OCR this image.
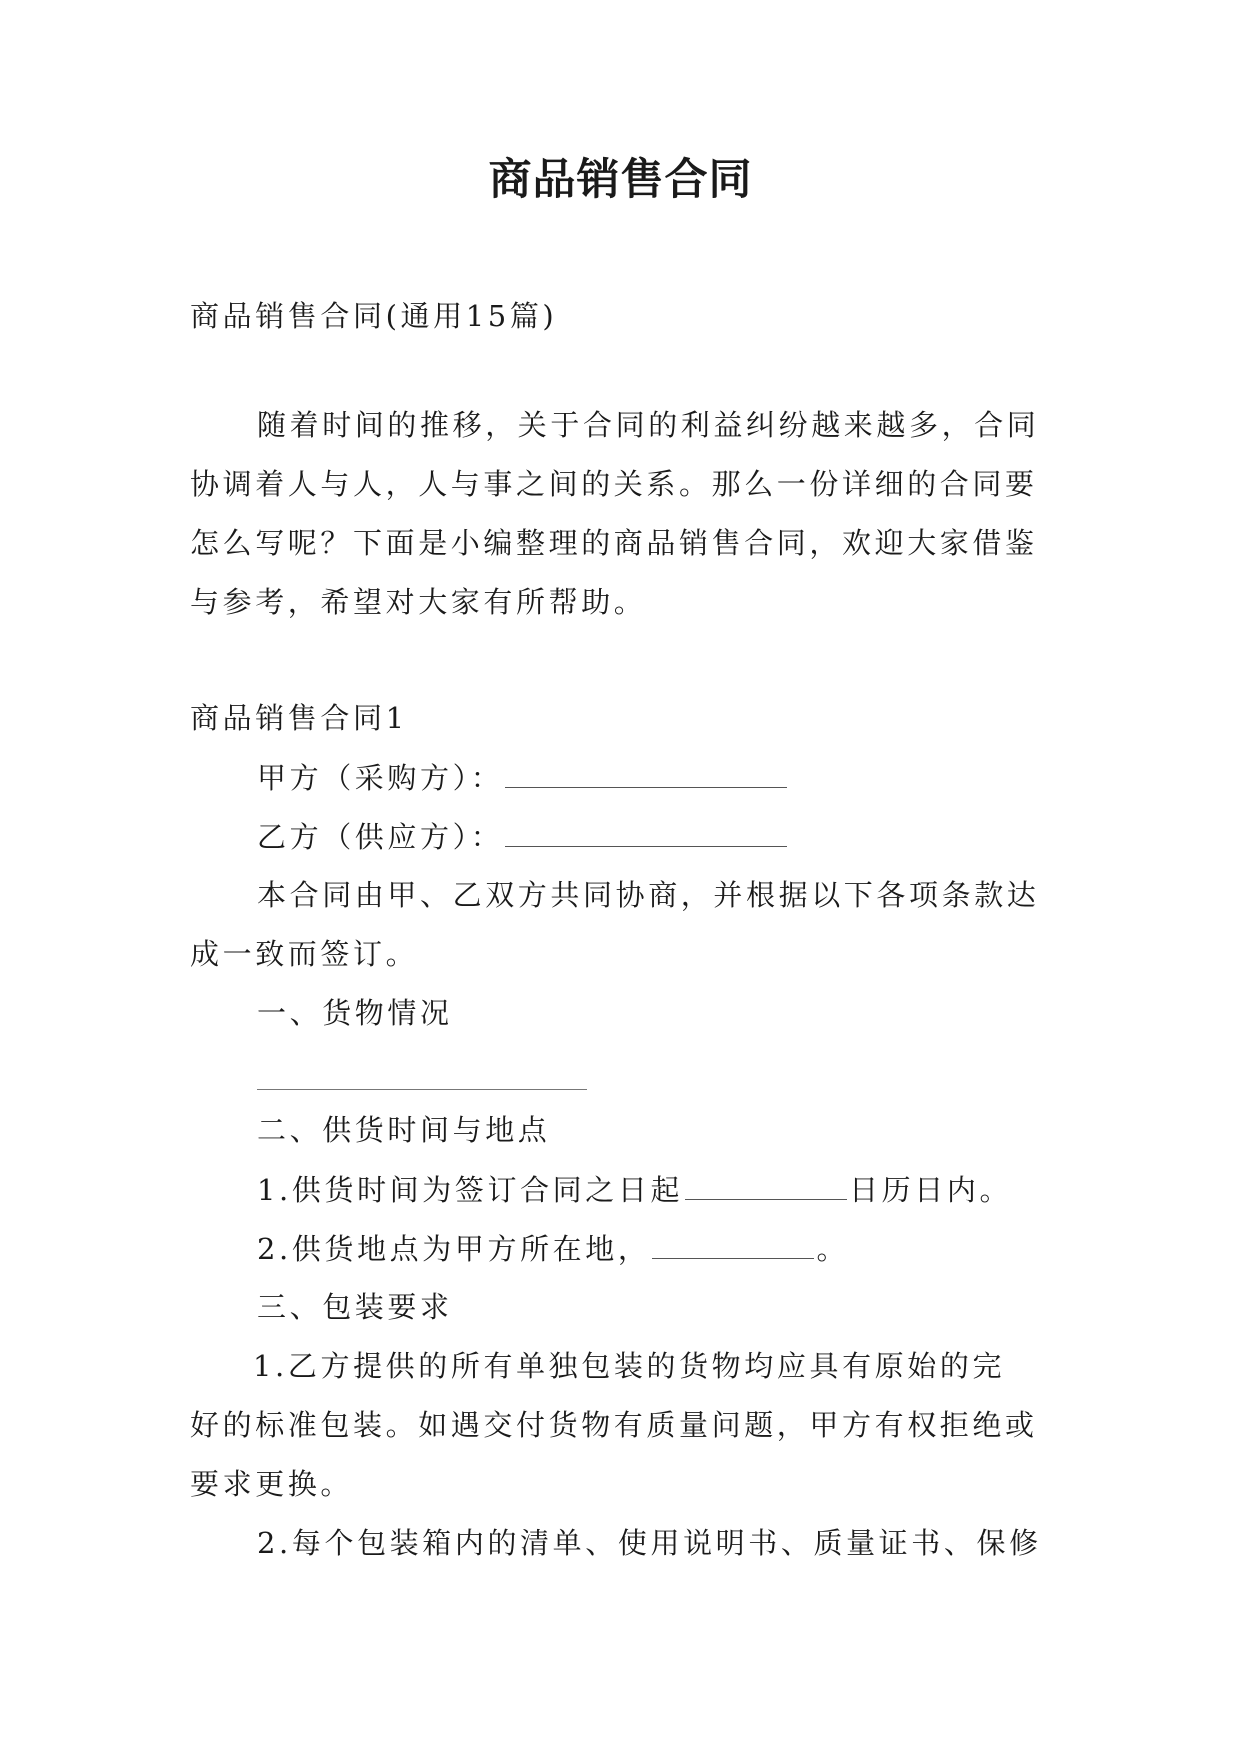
商品销售合同
商品销售合同(通用15篇)
随着时间的推移，关于合同的利益纠纷越来越多，合同
协调着人与人，人与事之间的关系。那么一份详细的合同要
怎么写呢？下面是小编整理的商品销售合同，欢迎大家借鉴
与参考，希望对大家有所帮助。
商品销售合同1
甲方（采购方）：
乙方（供应方）：
本合同由甲、乙双方共同协商，并根据以下各项条款达
成一致而签订。
一、货物情况
二、供货时间与地点
1.供货时间为签订合同之日起	日历日内。
2.供货地点为甲方所在地，	。
三、包装要求
1.乙方提供的所有单独包装的货物均应具有原始的完
好的标准包装。如遇交付货物有质量问题，甲方有权拒绝或
要求更换。
2.每个包装箱内的清单、使用说明书、质量证书、保修
